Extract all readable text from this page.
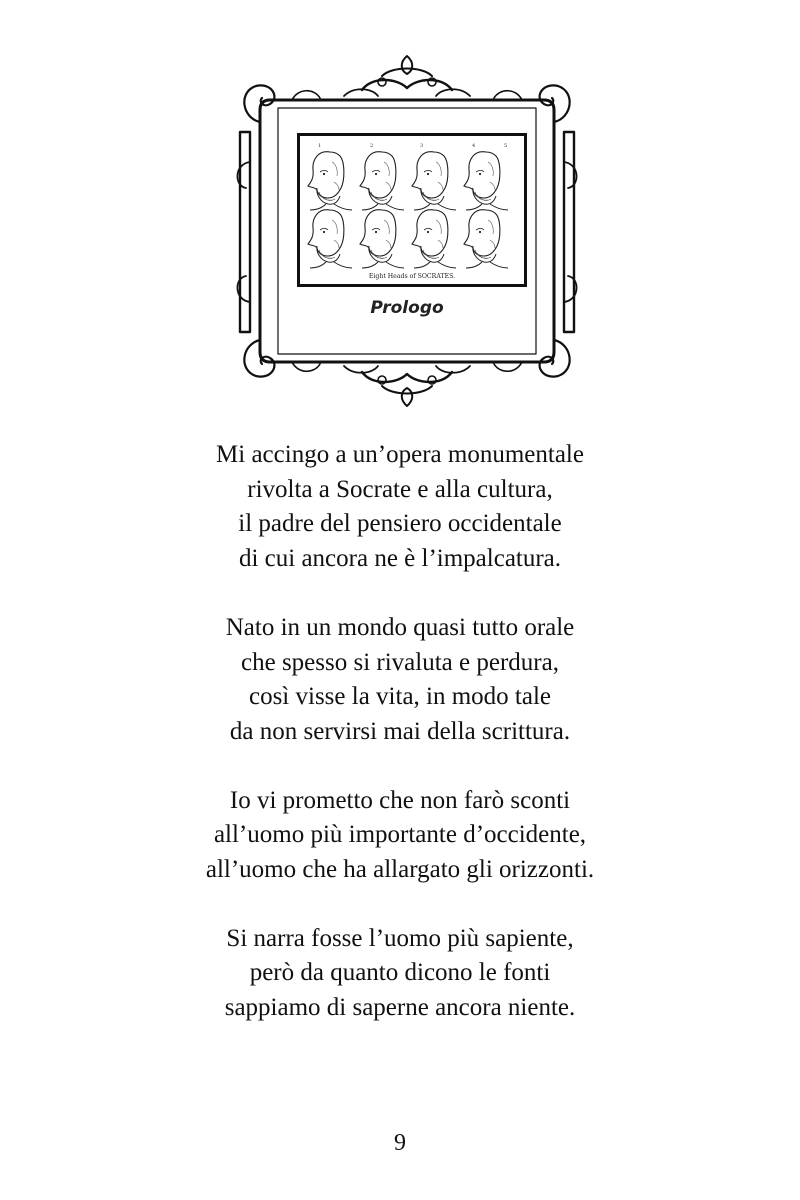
1	2	3	4	5
Eight Heads of SOCRATES.
Prologo
Mi accingo a un’opera monumentale
rivolta a Socrate e alla cultura,
il padre del pensiero occidentale
di cui ancora ne è l’impalcatura.
Nato in un mondo quasi tutto orale
che spesso si rivaluta e perdura,
così visse la vita, in modo tale
da non servirsi mai della scrittura.
Io vi prometto che non farò sconti
all’uomo più importante d’occidente,
all’uomo che ha allargato gli orizzonti.
Si narra fosse l’uomo più sapiente,
però da quanto dicono le fonti
sappiamo di saperne ancora niente.
9
